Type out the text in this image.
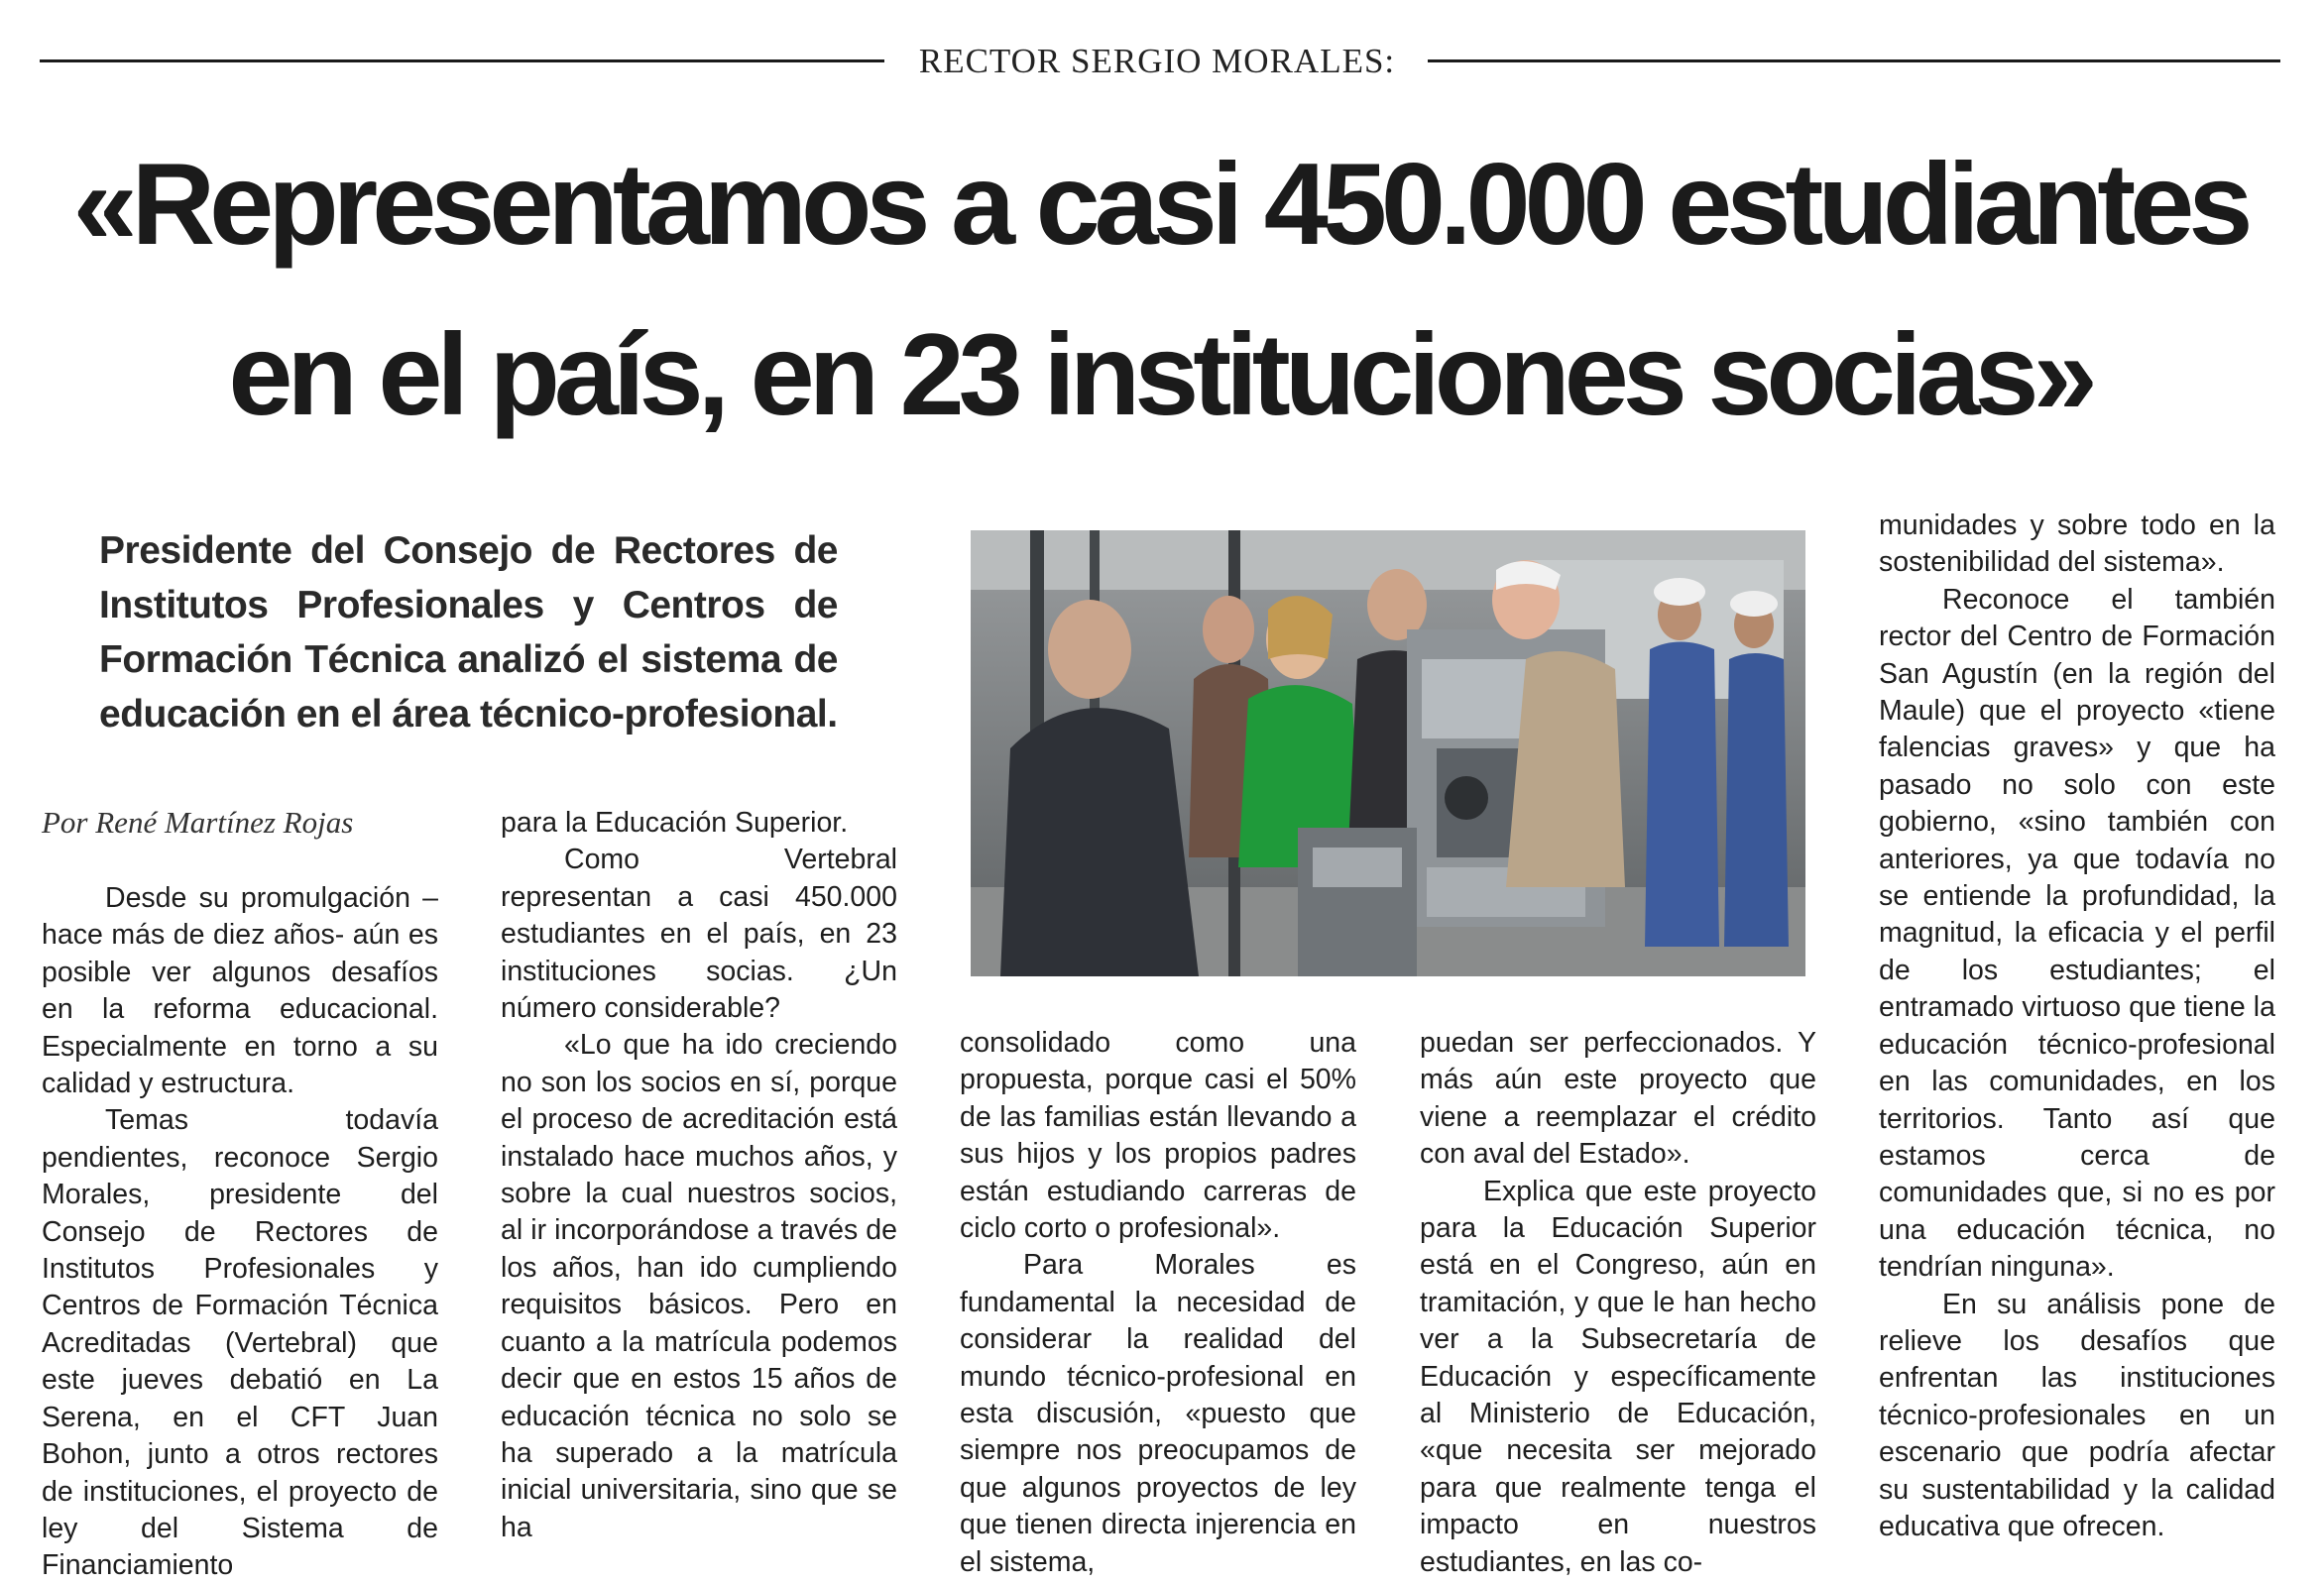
RECTOR SERGIO MORALES:
«Representamos a casi 450.000 estudiantes
en el país, en 23 instituciones socias»
Presidente del Consejo de Rectores de Institutos Profesionales y Centros de Formación Técnica analizó el sistema de educación en el área técnico-profesional.
Por René Martínez Rojas

Desde su promulgación –hace más de diez años- aún es posible ver algunos desafíos en la reforma educacional. Especialmente en torno a su calidad y estructura.

Temas todavía pendientes, reconoce Sergio Morales, presidente del Consejo de Rectores de Institutos Profesionales y Centros de Formación Técnica Acreditadas (Vertebral) que este jueves debatió en La Serena, en el CFT Juan Bohon, junto a otros rectores de instituciones, el proyecto de ley del Sistema de Financiamiento

para la Educación Superior.

Como Vertebral representan a casi 450.000 estudiantes en el país, en 23 instituciones socias. ¿Un número considerable?

«Lo que ha ido creciendo no son los socios en sí, porque el proceso de acreditación está instalado hace muchos años, y sobre la cual nuestros socios, al ir incorporándose a través de los años, han ido cumpliendo requisitos básicos. Pero en cuanto a la matrícula podemos decir que en estos 15 años de educación técnica no solo se ha superado a la matrícula inicial universitaria, sino que se ha

consolidado como una propuesta, porque casi el 50% de las familias están llevando a sus hijos y los propios padres están estudiando carreras de ciclo corto o profesional».

Para Morales es fundamental la necesidad de considerar la realidad del mundo técnico-profesional en esta discusión, «puesto que siempre nos preocupamos de que algunos proyectos de ley que tienen directa injerencia en el sistema,

puedan ser perfeccionados. Y más aún este proyecto que viene a reemplazar el crédito con aval del Estado».

Explica que este proyecto para la Educación Superior está en el Congreso, aún en tramitación, y que le han hecho ver a la Subsecretaría de Educación y específicamente al Ministerio de Educación, «que necesita ser mejorado para que realmente tenga el impacto en nuestros estudiantes, en las co-

munidades y sobre todo en la sostenibilidad del sistema».

Reconoce el también rector del Centro de Formación San Agustín (en la región del Maule) que el proyecto «tiene falencias graves» y que ha pasado no solo con este gobierno, «sino también con anteriores, ya que todavía no se entiende la profundidad, la magnitud, la eficacia y el perfil de los estudiantes; el entramado virtuoso que tiene la educación técnico-profesional en las comunidades, en los territorios. Tanto así que estamos cerca de comunidades que, si no es por una educación técnica, no tendrían ninguna».

En su análisis pone de relieve los desafíos que enfrentan las instituciones técnico-profesionales en un escenario que podría afectar su sustentabilidad y la calidad educativa que ofrecen.
